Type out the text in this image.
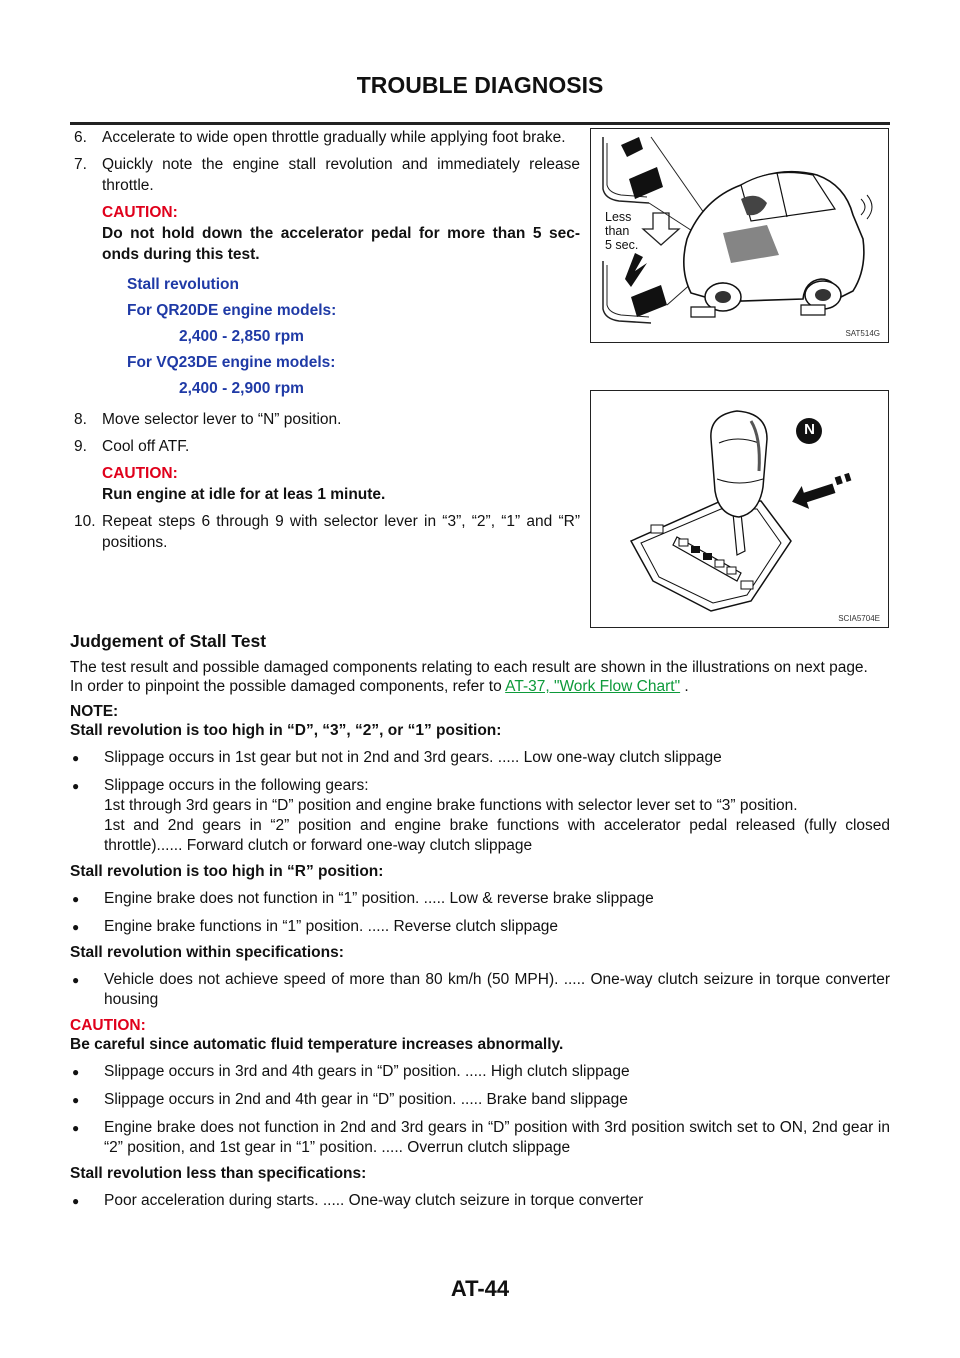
TROUBLE DIAGNOSIS
6. Accelerate to wide open throttle gradually while applying foot brake.
7. Quickly note the engine stall revolution and immediately release throttle.
CAUTION:
Do not hold down the accelerator pedal for more than 5 sec- onds during this test.
Stall revolution
For QR20DE engine models:
2,400 - 2,850 rpm
For VQ23DE engine models:
2,400 - 2,900 rpm
Less
than
5 sec.
SAT514G
8. Move selector lever to “N” position.
9. Cool off ATF.
CAUTION:
Run engine at idle for at leas 1 minute.
10. Repeat steps 6 through 9 with selector lever in “3”, “2”, “1” and “R” positions.
N
SCIA5704E
Judgement of Stall Test
The test result and possible damaged components relating to each result are shown in the illustrations on next page.
In order to pinpoint the possible damaged components, refer to AT-37, "Work Flow Chart" .
NOTE:
Stall revolution is too high in “D”, “3”, “2”, or “1” position:
●	Slippage occurs in 1st gear but not in 2nd and 3rd gears. ..... Low one-way clutch slippage
●	Slippage occurs in the following gears:
1st through 3rd gears in “D” position and engine brake functions with selector lever set to “3” position.
1st and 2nd gears in “2” position and engine brake functions with accelerator pedal released (fully closed throttle)...... Forward clutch or forward one-way clutch slippage
Stall revolution is too high in “R” position:
●	Engine brake does not function in “1” position. ..... Low & reverse brake slippage
●	Engine brake functions in “1” position. ..... Reverse clutch slippage
Stall revolution within specifications:
●	Vehicle does not achieve speed of more than 80 km/h (50 MPH). ..... One-way clutch seizure in torque converter housing
CAUTION:
Be careful since automatic fluid temperature increases abnormally.
●	Slippage occurs in 3rd and 4th gears in “D” position. ..... High clutch slippage
●	Slippage occurs in 2nd and 4th gear in “D” position. ..... Brake band slippage
●	Engine brake does not function in 2nd and 3rd gears in “D” position with 3rd position switch set to ON, 2nd gear in “2” position, and 1st gear in “1” position. ..... Overrun clutch slippage
Stall revolution less than specifications:
●	Poor acceleration during starts. ..... One-way clutch seizure in torque converter
AT-44
